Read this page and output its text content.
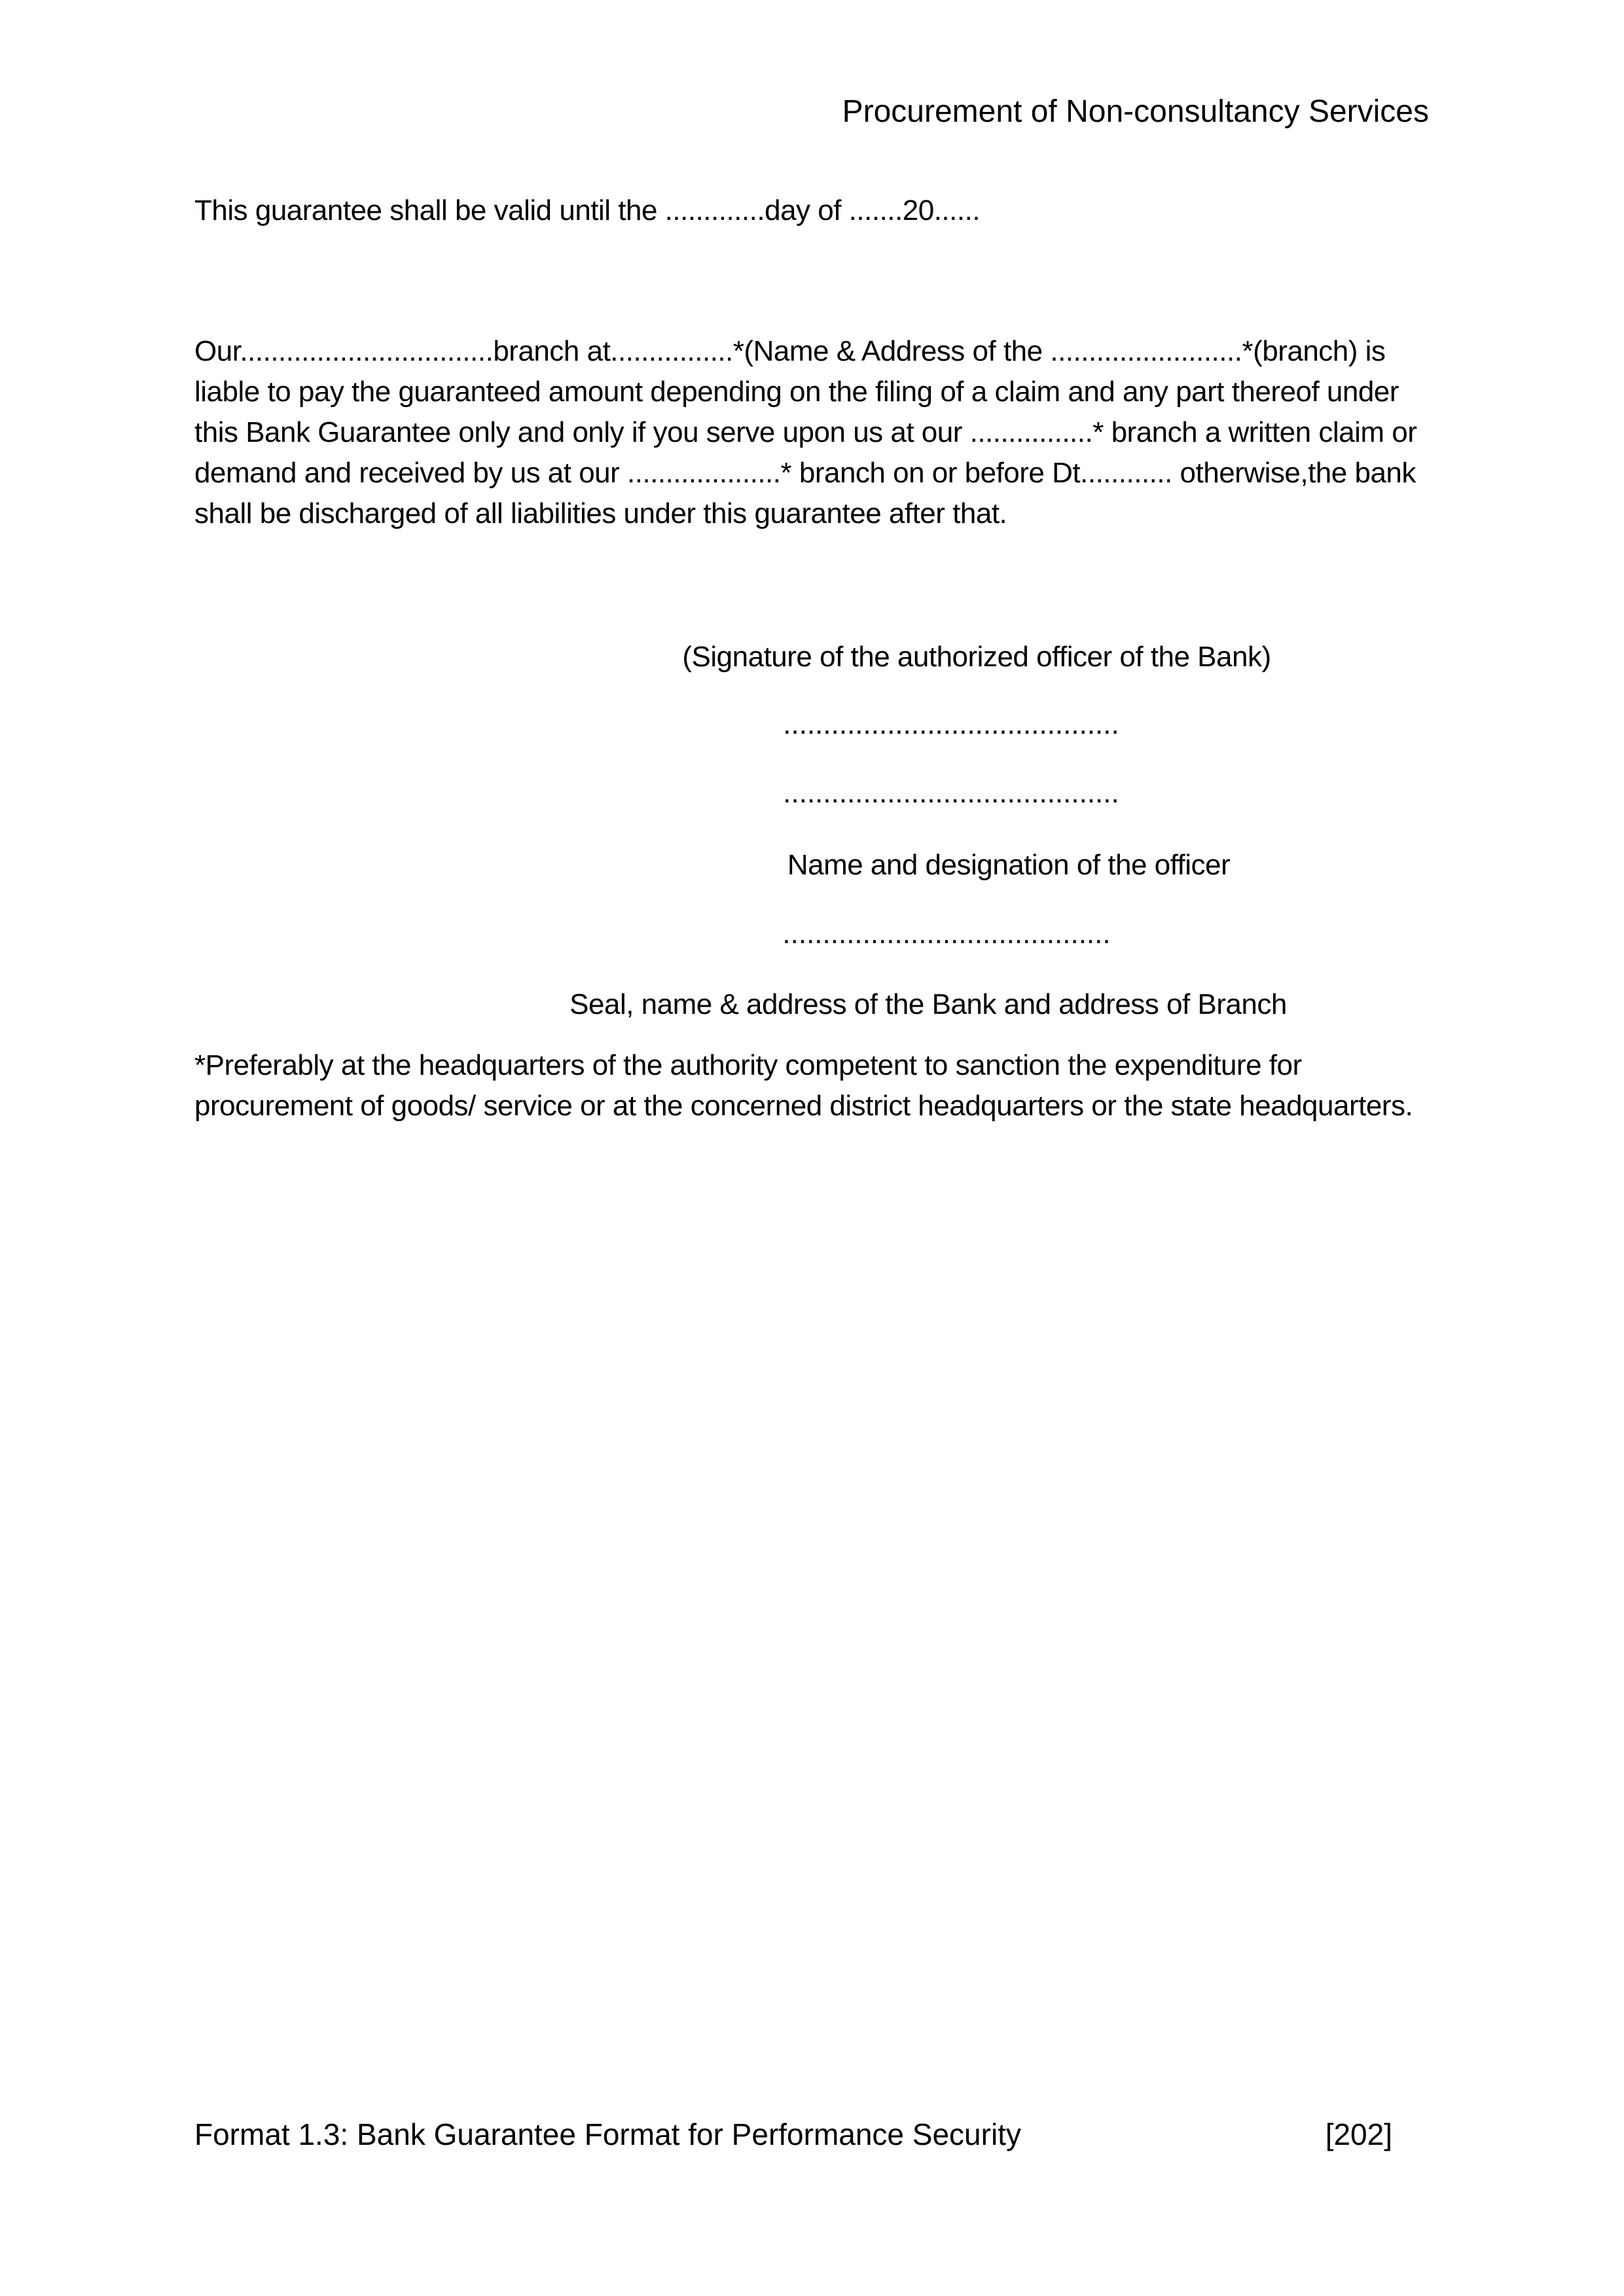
Procurement of Non-consultancy Services
This guarantee shall be valid until the .............day of .......20......
Our.................................branch at................*(Name & Address of the .........................*(branch) is
liable to pay the guaranteed amount depending on the filing of a claim and any part thereof under
this Bank Guarantee only and only if you serve upon us at our ................* branch a written claim or
demand and received by us at our ....................* branch on or before Dt............ otherwise,the bank
shall be discharged of all liabilities under this guarantee after that.
(Signature of the authorized officer of the Bank)
..........................................
..........................................
Name and designation of the officer
.........................................
Seal, name & address of the Bank and address of Branch
*Preferably at the headquarters of the authority competent to sanction the expenditure for
procurement of goods/ service or at the concerned district headquarters or the state headquarters.
Format 1.3: Bank Guarantee Format for Performance Security	[202]
